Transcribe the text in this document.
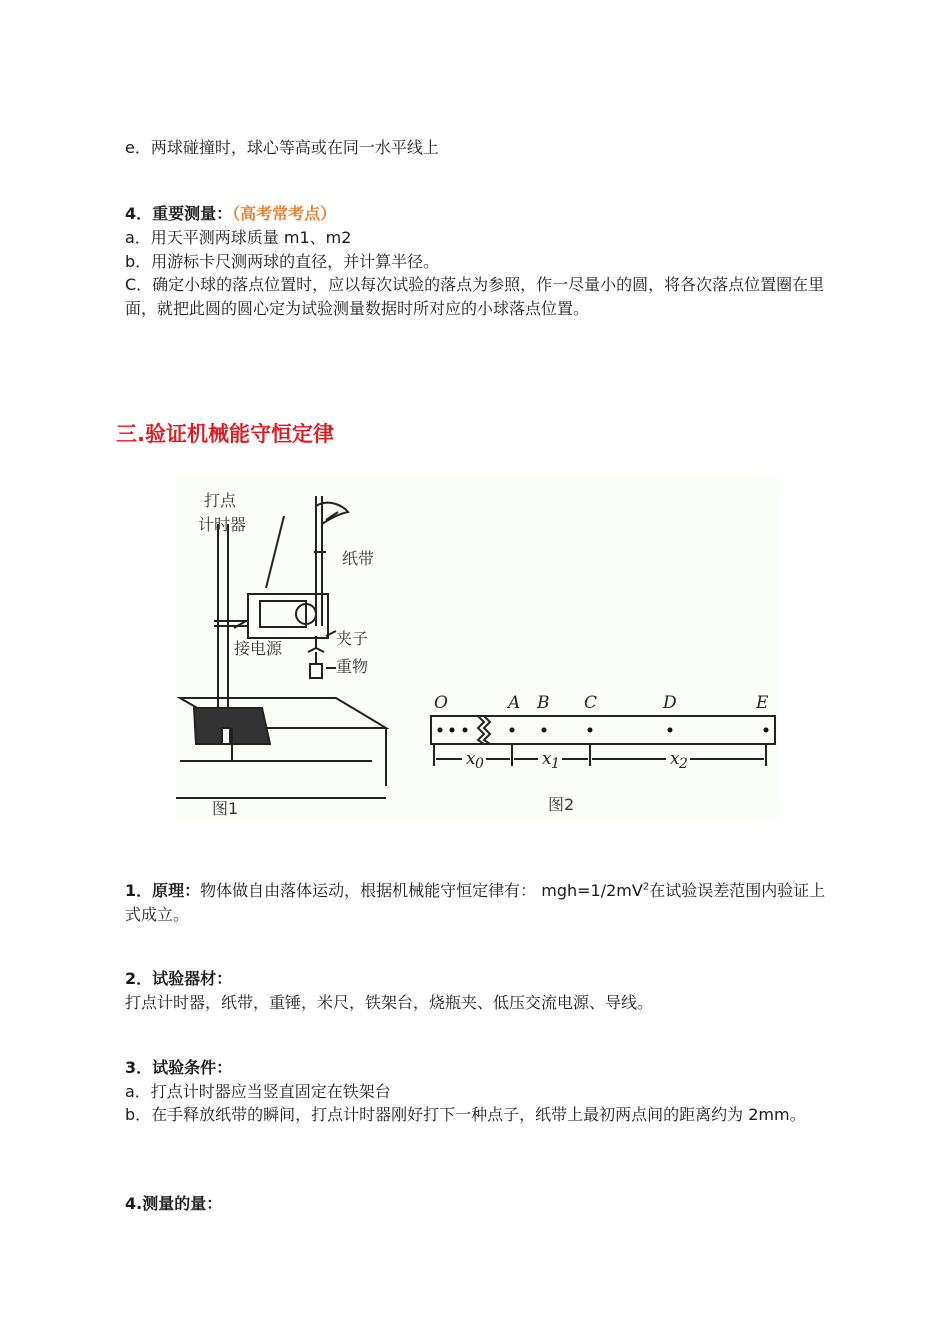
e．两球碰撞时，球心等高或在同一水平线上
4．重要测量：（高考常考点）
a．用天平测两球质量 m1、m2
b．用游标卡尺测两球的直径，并计算半径。
C．确定小球的落点位置时，应以每次试验的落点为参照，作一尽量小的圆，将各次落点位置圈在里面，就把此圆的圆心定为试验测量数据时所对应的小球落点位置。
三.验证机械能守恒定律
打点
计时器
纸带
接电源
夹子
重物
图1
O	A B C	D	E
x 0	x 1	x 2
图2
1．原理：物体做自由落体运动，根据机械能守恒定律有： $mgh=1/2mV^2$在试验误差范围内验证上式成立。
2．试验器材：
打点计时器，纸带，重锤，米尺，铁架台，烧瓶夹、低压交流电源、导线。
3．试验条件：
a．打点计时器应当竖直固定在铁架台
b．在手释放纸带的瞬间，打点计时器刚好打下一种点子，纸带上最初两点间的距离约为 2mm。
4.测量的量：
